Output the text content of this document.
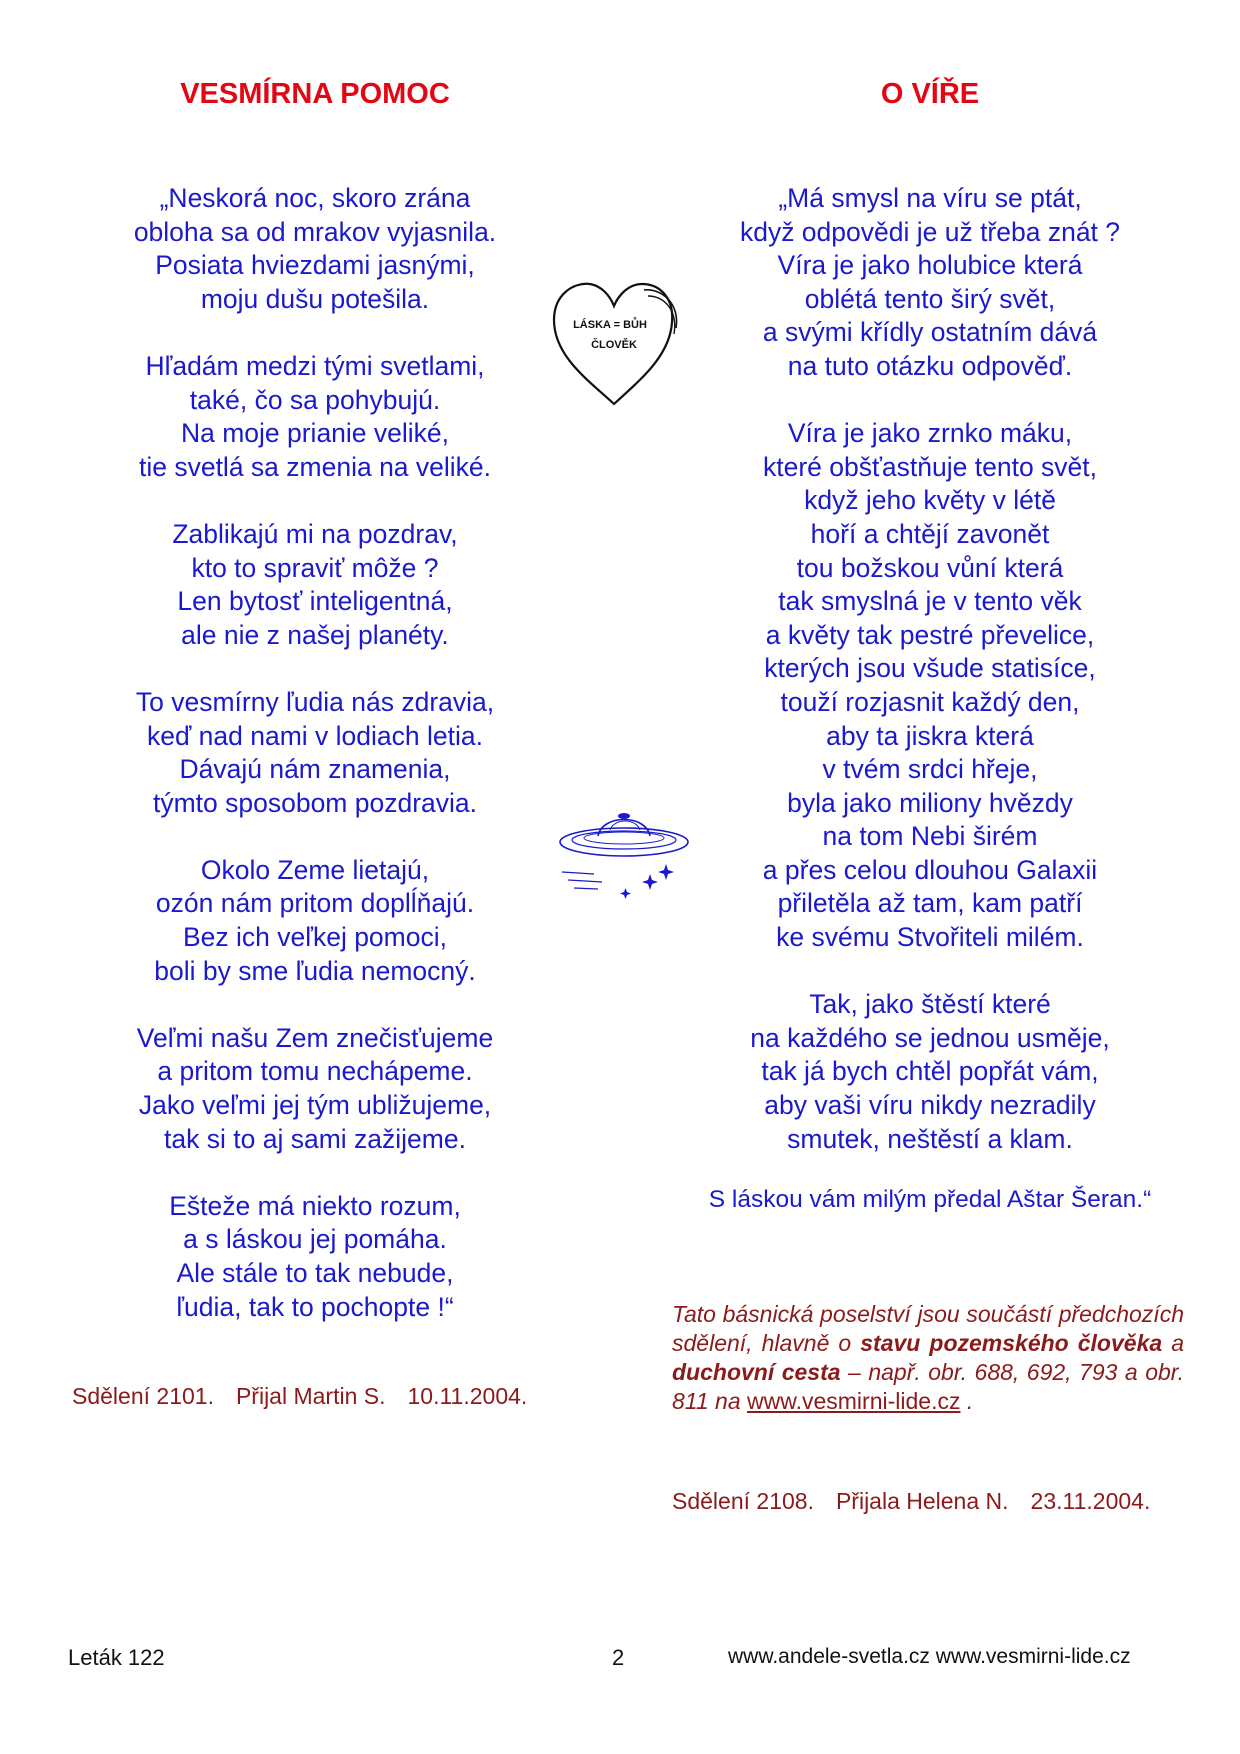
VESMÍRNA POMOC	O VÍŘE
„Neskorá noc, skoro zrána
obloha sa od mrakov vyjasnila.
Posiata hviezdami jasnými,
moju dušu potešila.
Hľadám medzi tými svetlami,
také, čo sa pohybujú.
Na moje prianie veliké,
tie svetlá sa zmenia na veliké.
Zablikajú mi na pozdrav,
kto to spraviť môže ?
Len bytosť inteligentná,
ale nie z našej planéty.
To vesmírny ľudia nás zdravia,
keď nad nami v lodiach letia.
Dávajú nám znamenia,
týmto sposobom pozdravia.
Okolo Zeme lietajú,
ozón nám pritom doplĺňajú.
Bez ich veľkej pomoci,
boli by sme ľudia nemocný.
Veľmi našu Zem znečisťujeme
a pritom tomu nechápeme.
Jako veľmi jej tým ubližujeme,
tak si to aj sami zažijeme.
Ešteže má niekto rozum,
a s láskou jej pomáha.
Ale stále to tak nebude,
ľudia, tak to pochopte !“
„Má smysl na víru se ptát,
když odpovědi je už třeba znát ?
Víra je jako holubice která
oblétá tento širý svět,
a svými křídly ostatním dává
na tuto otázku odpověď.
Víra je jako zrnko máku,
které obšťastňuje tento svět,
když jeho květy v létě
hoří a chtějí zavonět
tou božskou vůní která
tak smyslná je v tento věk
a květy tak pestré převelice,
kterých jsou všude statisíce,
touží rozjasnit každý den,
aby ta jiskra která
v tvém srdci hřeje,
byla jako miliony hvězdy
na tom Nebi širém
a přes celou dlouhou Galaxii
přiletěla až tam, kam patří
ke svému Stvořiteli milém.
Tak, jako štěstí které
na každého se jednou usměje,
tak já bych chtěl popřát vám,
aby vaši víru nikdy nezradily
smutek, neštěstí a klam.
LÁSKA = BŮH
ČLOVĚK
S láskou vám milým předal Aštar Šeran.“

Tato básnická poselství jsou součástí předchozích sdělení, hlavně o stavu pozemského člověka a duchovní cesta – např. obr. 688, 692, 793 a obr. 811 na www.vesmirni-lide.cz .

Sdělení 2101. Přijal Martin S. 10.11.2004.

Sdělení 2108. Přijala Helena N. 23.11.2004.

Leták 122	2	www.andele-svetla.cz www.vesmirni-lide.cz
